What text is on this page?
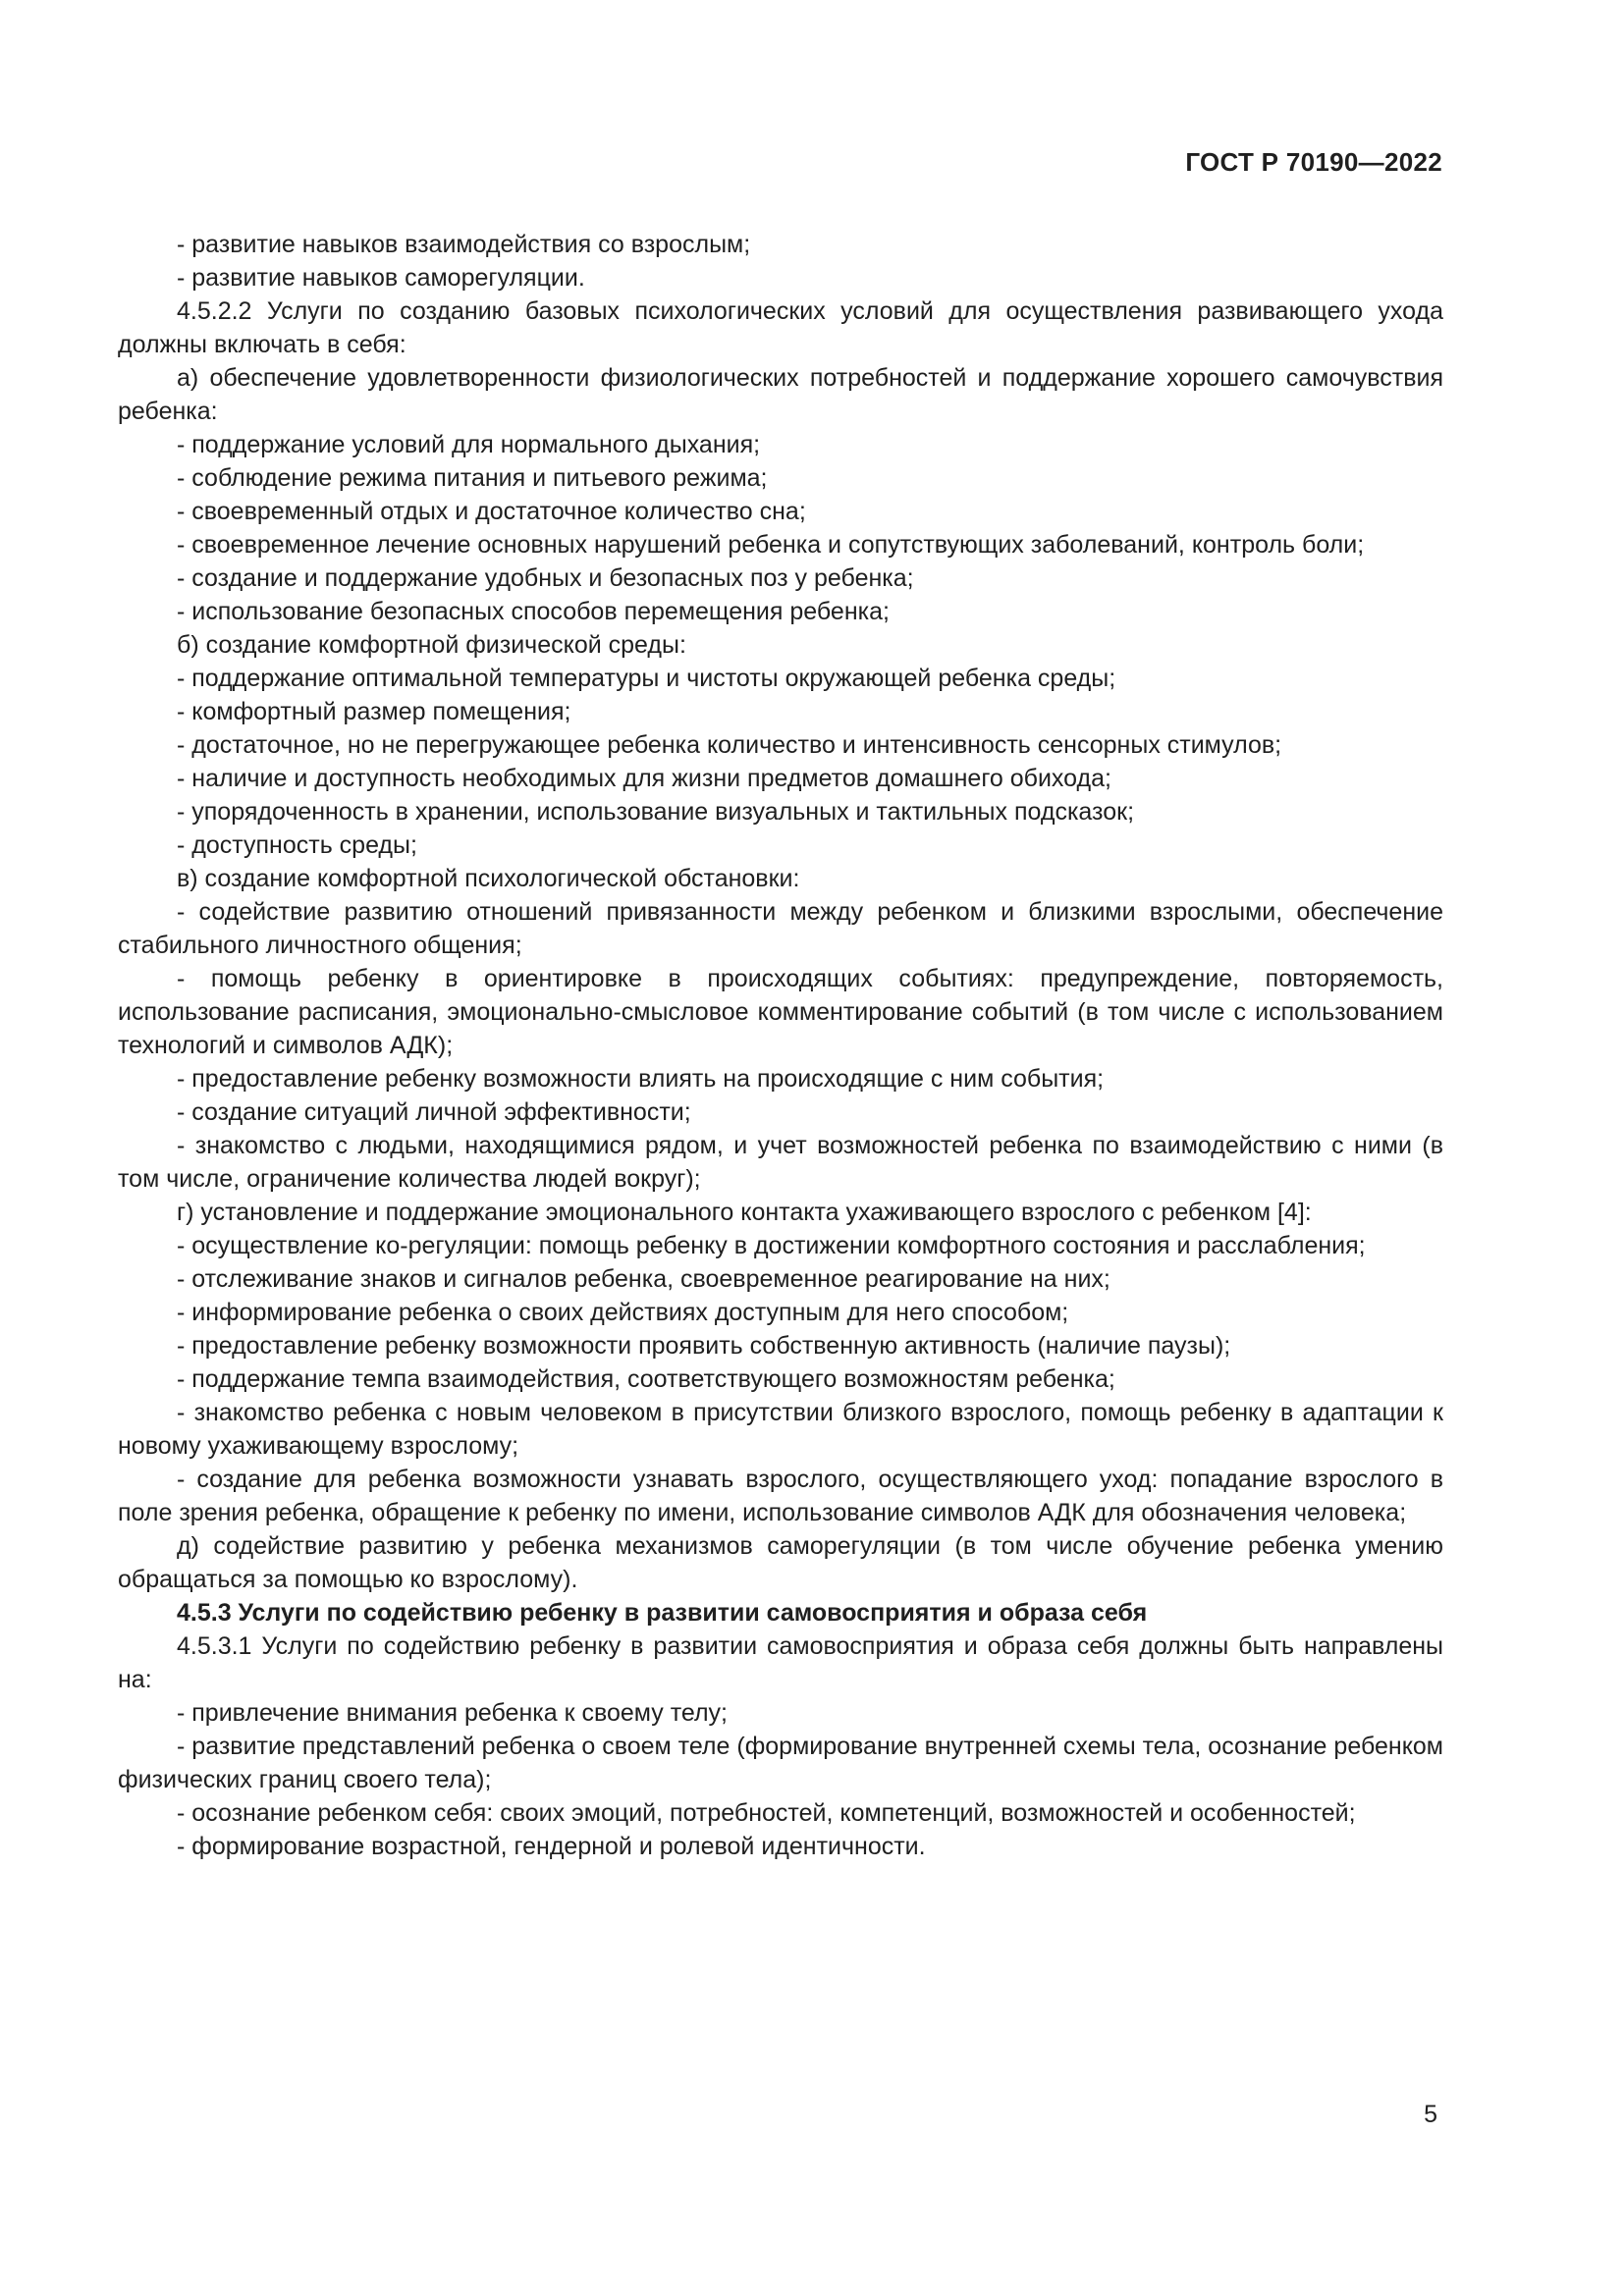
ГОСТ Р 70190—2022

- развитие навыков взаимодействия со взрослым;

- развитие навыков саморегуляции.

4.5.2.2 Услуги по созданию базовых психологических условий для осуществления развивающего ухода должны включать в себя:

а) обеспечение удовлетворенности физиологических потребностей и поддержание хорошего самочувствия ребенка:

- поддержание условий для нормального дыхания;

- соблюдение режима питания и питьевого режима;

- своевременный отдых и достаточное количество сна;

- своевременное лечение основных нарушений ребенка и сопутствующих заболеваний, контроль боли;

- создание и поддержание удобных и безопасных поз у ребенка;

- использование безопасных способов перемещения ребенка;

б) создание комфортной физической среды:

- поддержание оптимальной температуры и чистоты окружающей ребенка среды;

- комфортный размер помещения;

- достаточное, но не перегружающее ребенка количество и интенсивность сенсорных стимулов;

- наличие и доступность необходимых для жизни предметов домашнего обихода;

- упорядоченность в хранении, использование визуальных и тактильных подсказок;

- доступность среды;

в) создание комфортной психологической обстановки:

- содействие развитию отношений привязанности между ребенком и близкими взрослыми, обеспечение стабильного личностного общения;

- помощь ребенку в ориентировке в происходящих событиях: предупреждение, повторяемость, использование расписания, эмоционально-смысловое комментирование событий (в том числе с использованием технологий и символов АДК);

- предоставление ребенку возможности влиять на происходящие с ним события;

- создание ситуаций личной эффективности;

- знакомство с людьми, находящимися рядом, и учет возможностей ребенка по взаимодействию с ними (в том числе, ограничение количества людей вокруг);

г) установление и поддержание эмоционального контакта ухаживающего взрослого с ребенком [4]:

- осуществление ко-регуляции: помощь ребенку в достижении комфортного состояния и расслабления;

- отслеживание знаков и сигналов ребенка, своевременное реагирование на них;

- информирование ребенка о своих действиях доступным для него способом;

- предоставление ребенку возможности проявить собственную активность (наличие паузы);

- поддержание темпа взаимодействия, соответствующего возможностям ребенка;

- знакомство ребенка с новым человеком в присутствии близкого взрослого, помощь ребенку в адаптации к новому ухаживающему взрослому;

- создание для ребенка возможности узнавать взрослого, осуществляющего уход: попадание взрослого в поле зрения ребенка, обращение к ребенку по имени, использование символов АДК для обозначения человека;

д) содействие развитию у ребенка механизмов саморегуляции (в том числе обучение ребенка умению обращаться за помощью ко взрослому).

4.5.3 Услуги по содействию ребенку в развитии самовосприятия и образа себя

4.5.3.1 Услуги по содействию ребенку в развитии самовосприятия и образа себя должны быть направлены на:

- привлечение внимания ребенка к своему телу;

- развитие представлений ребенка о своем теле (формирование внутренней схемы тела, осознание ребенком физических границ своего тела);

- осознание ребенком себя: своих эмоций, потребностей, компетенций, возможностей и особенностей;

- формирование возрастной, гендерной и ролевой идентичности.

5
